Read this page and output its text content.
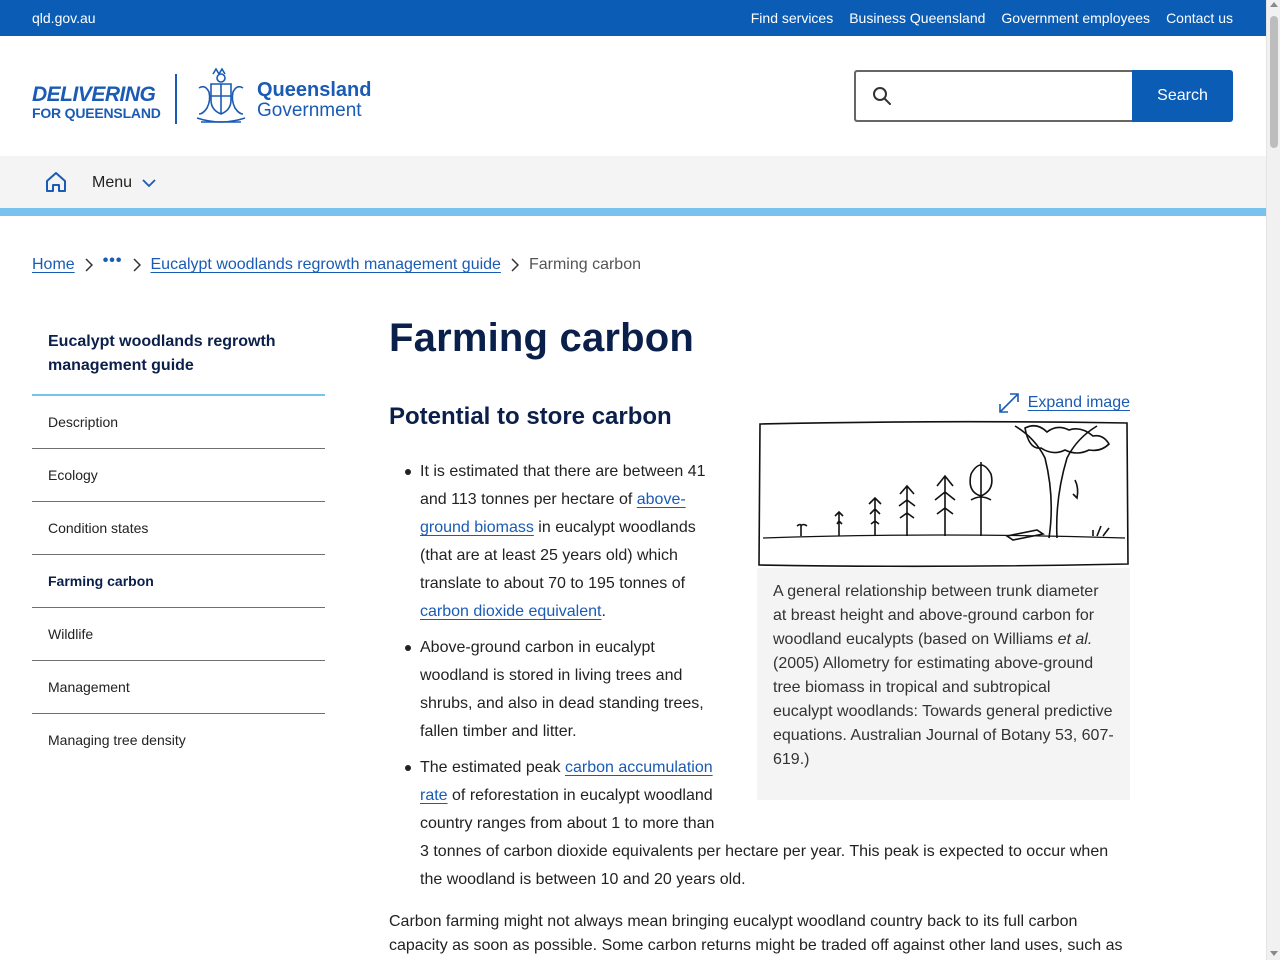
qld.gov.au	Find services Business Queensland Government employees Contact us
DELIVERING
FOR QUEENSLAND
Queensland
Government
Search
Menu
Home ••• Eucalypt woodlands regrowth management guide Farming carbon
Eucalypt woodlands regrowth management guide
Description
Ecology
Condition states
Farming carbon
Wildlife
Management
Managing tree density
Farming carbon
Potential to store carbon
Expand image
A general relationship between trunk diameter at breast height and above-ground carbon for woodland eucalypts (based on Williams et al. (2005) Allometry for estimating above-ground tree biomass in tropical and subtropical eucalypt woodlands: Towards general predictive equations. Australian Journal of Botany 53, 607-619.)
It is estimated that there are between 41 and 113 tonnes per hectare of above-ground biomass in eucalypt woodlands (that are at least 25 years old) which translate to about 70 to 195 tonnes of carbon dioxide equivalent.
Above-ground carbon in eucalypt woodland is stored in living trees and shrubs, and also in dead standing trees, fallen timber and litter.
The estimated peak carbon accumulation rate of reforestation in eucalypt woodland country ranges from about 1 to more than 3 tonnes of carbon dioxide equivalents per hectare per year. This peak is expected to occur when the woodland is between 10 and 20 years old.

Carbon farming might not always mean bringing eucalypt woodland country back to its full carbon capacity as soon as possible. Some carbon returns might be traded off against other land uses, such as
